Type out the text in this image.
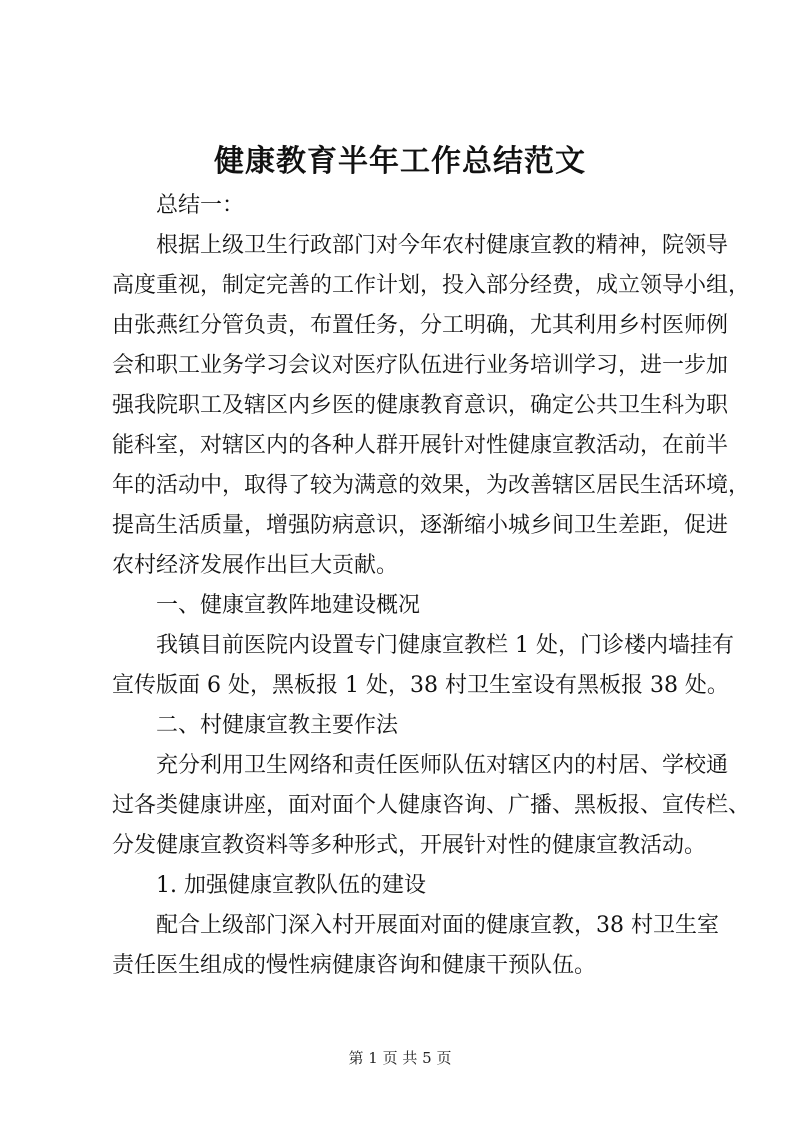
健康教育半年工作总结范文
总结一：
根据上级卫生行政部门对今年农村健康宣教的精神，院领导
高度重视，制定完善的工作计划，投入部分经费，成立领导小组，
由张燕红分管负责，布置任务，分工明确，尤其利用乡村医师例
会和职工业务学习会议对医疗队伍进行业务培训学习，进一步加
强我院职工及辖区内乡医的健康教育意识，确定公共卫生科为职
能科室，对辖区内的各种人群开展针对性健康宣教活动，在前半
年的活动中，取得了较为满意的效果，为改善辖区居民生活环境，
提高生活质量，增强防病意识，逐渐缩小城乡间卫生差距，促进
农村经济发展作出巨大贡献。
一、健康宣教阵地建设概况
我镇目前医院内设置专门健康宣教栏 1 处，门诊楼内墙挂有
宣传版面 6 处，黑板报 1 处，38 村卫生室设有黑板报 38 处。
二、村健康宣教主要作法
充分利用卫生网络和责任医师队伍对辖区内的村居、学校通
过各类健康讲座，面对面个人健康咨询、广播、黑板报、宣传栏、
分发健康宣教资料等多种形式，开展针对性的健康宣教活动。
1. 加强健康宣教队伍的建设
配合上级部门深入村开展面对面的健康宣教，38 村卫生室
责任医生组成的慢性病健康咨询和健康干预队伍。
第 1 页 共 5 页
